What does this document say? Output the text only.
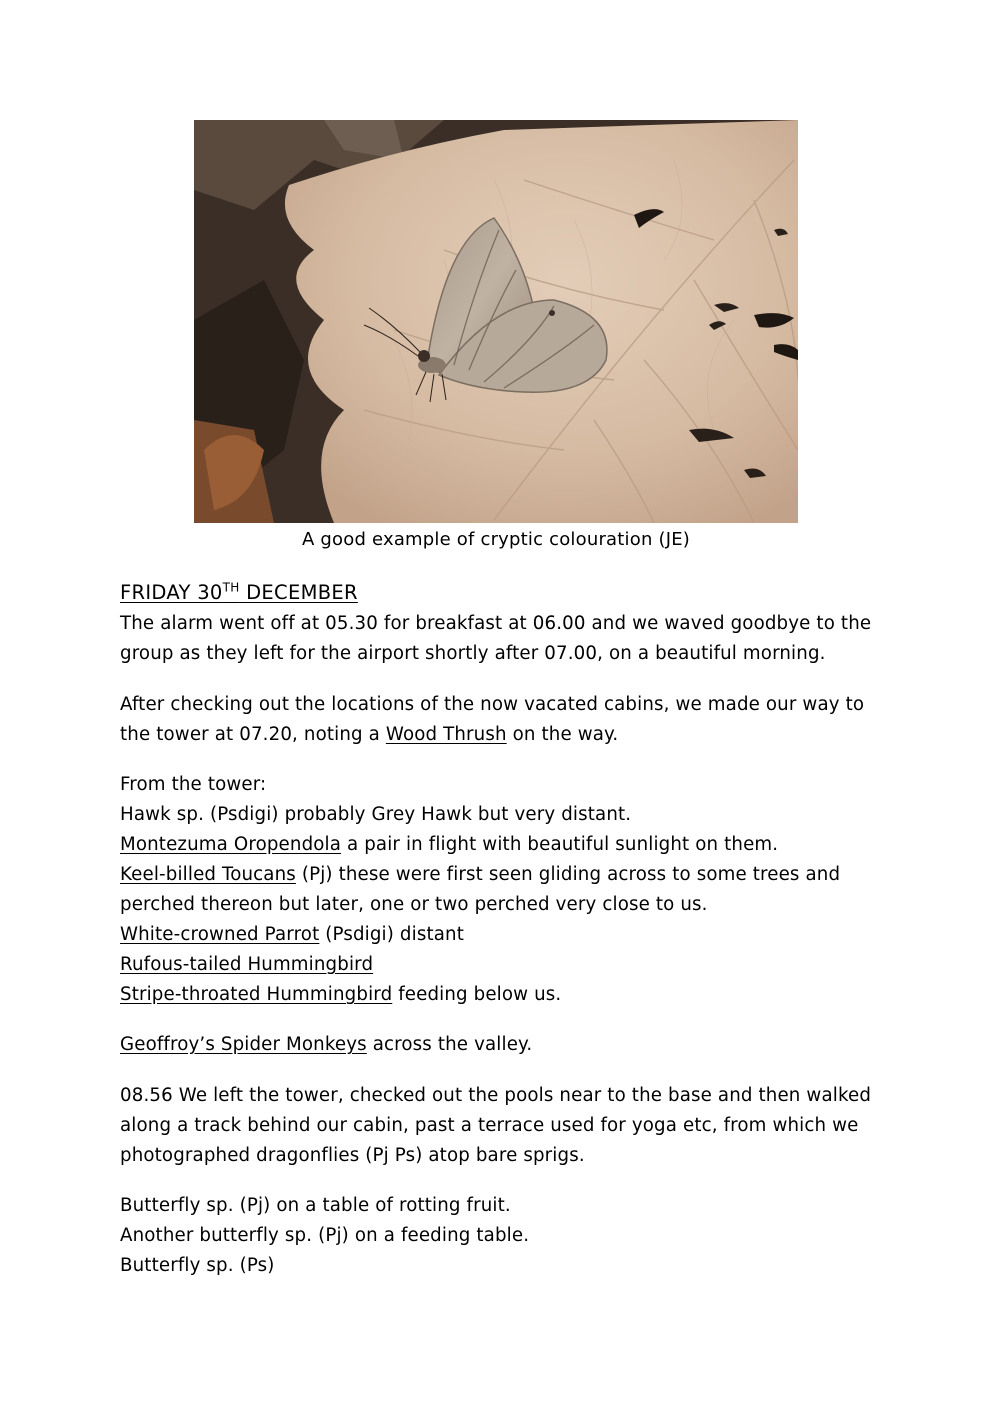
A good example of cryptic colouration (JE)
FRIDAY 30TH DECEMBER
The alarm went off at 05.30 for breakfast at 06.00 and we waved goodbye to the
group as they left for the airport shortly after 07.00, on a beautiful morning.
After checking out the locations of the now vacated cabins, we made our way to
the tower at 07.20, noting a Wood Thrush on the way.
From the tower:
Hawk sp. (Psdigi) probably Grey Hawk but very distant.
Montezuma Oropendola a pair in flight with beautiful sunlight on them.
Keel-billed Toucans (Pj) these were first seen gliding across to some trees and
perched thereon but later, one or two perched very close to us.
White-crowned Parrot (Psdigi) distant
Rufous-tailed Hummingbird
Stripe-throated Hummingbird feeding below us.
Geoffroy’s Spider Monkeys across the valley.
08.56 We left the tower, checked out the pools near to the base and then walked
along a track behind our cabin, past a terrace used for yoga etc, from which we
photographed dragonflies (Pj Ps) atop bare sprigs.
Butterfly sp. (Pj) on a table of rotting fruit.
Another butterfly sp. (Pj) on a feeding table.
Butterfly sp. (Ps)
